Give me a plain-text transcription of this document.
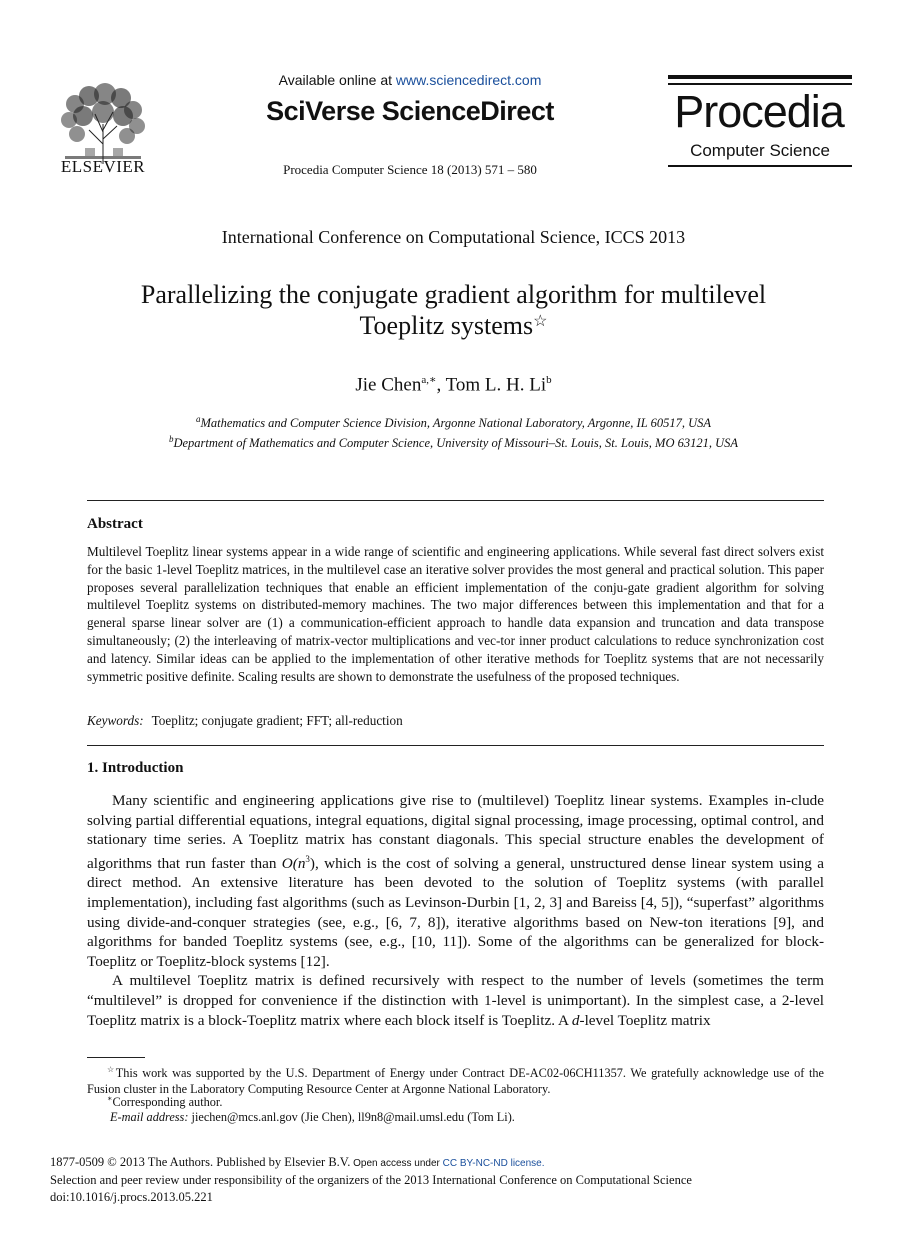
ELSEVIER
Available online at www.sciencedirect.com
SciVerse ScienceDirect
Procedia Computer Science 18 (2013) 571 – 580
Procedia
Computer Science
International Conference on Computational Science, ICCS 2013
Parallelizing the conjugate gradient algorithm for multilevel
Toeplitz systems☆
Jie Chen$^{a,∗}$, Tom L. H. Li$^b$
$^a$Mathematics and Computer Science Division, Argonne National Laboratory, Argonne, IL 60517, USA
$^b$Department of Mathematics and Computer Science, University of Missouri–St. Louis, St. Louis, MO 63121, USA
Abstract
Multilevel Toeplitz linear systems appear in a wide range of scientific and engineering applications. While several fast direct solvers exist for the basic 1-level Toeplitz matrices, in the multilevel case an iterative solver provides the most general and practical solution. This paper proposes several parallelization techniques that enable an efficient implementation of the conju-gate gradient algorithm for solving multilevel Toeplitz systems on distributed-memory machines. The two major differences between this implementation and that for a general sparse linear solver are (1) a communication-efficient approach to handle data expansion and truncation and data transpose simultaneously; (2) the interleaving of matrix-vector multiplications and vec-tor inner product calculations to reduce synchronization cost and latency. Similar ideas can be applied to the implementation of other iterative methods for Toeplitz systems that are not necessarily symmetric positive definite. Scaling results are shown to demonstrate the usefulness of the proposed techniques.
Keywords: Toeplitz; conjugate gradient; FFT; all-reduction
1. Introduction

Many scientific and engineering applications give rise to (multilevel) Toeplitz linear systems. Examples in-clude solving partial differential equations, integral equations, digital signal processing, image processing, optimal control, and stationary time series. A Toeplitz matrix has constant diagonals. This special structure enables the development of algorithms that run faster than $O(n^3)$, which is the cost of solving a general, unstructured dense linear system using a direct method. An extensive literature has been devoted to the solution of Toeplitz systems (with parallel implementation), including fast algorithms (such as Levinson-Durbin [1, 2, 3] and Bareiss [4, 5]), “superfast” algorithms using divide-and-conquer strategies (see, e.g., [6, 7, 8]), iterative algorithms based on New-ton iterations [9], and algorithms for banded Toeplitz systems (see, e.g., [10, 11]). Some of the algorithms can be generalized for block-Toeplitz or Toeplitz-block systems [12].

A multilevel Toeplitz matrix is defined recursively with respect to the number of levels (sometimes the term “multilevel” is dropped for convenience if the distinction with 1-level is unimportant). In the simplest case, a 2-level Toeplitz matrix is a block-Toeplitz matrix where each block itself is Toeplitz. A d-level Toeplitz matrix

☆This work was supported by the U.S. Department of Energy under Contract DE-AC02-06CH11357. We gratefully acknowledge use of the Fusion cluster in the Laboratory Computing Resource Center at Argonne National Laboratory.
∗Corresponding author.
E-mail address: jiechen@mcs.anl.gov (Jie Chen), ll9n8@mail.umsl.edu (Tom Li).
1877-0509 © 2013 The Authors. Published by Elsevier B.V. Open access under CC BY-NC-ND license.
Selection and peer review under responsibility of the organizers of the 2013 International Conference on Computational Science
doi:10.1016/j.procs.2013.05.221
